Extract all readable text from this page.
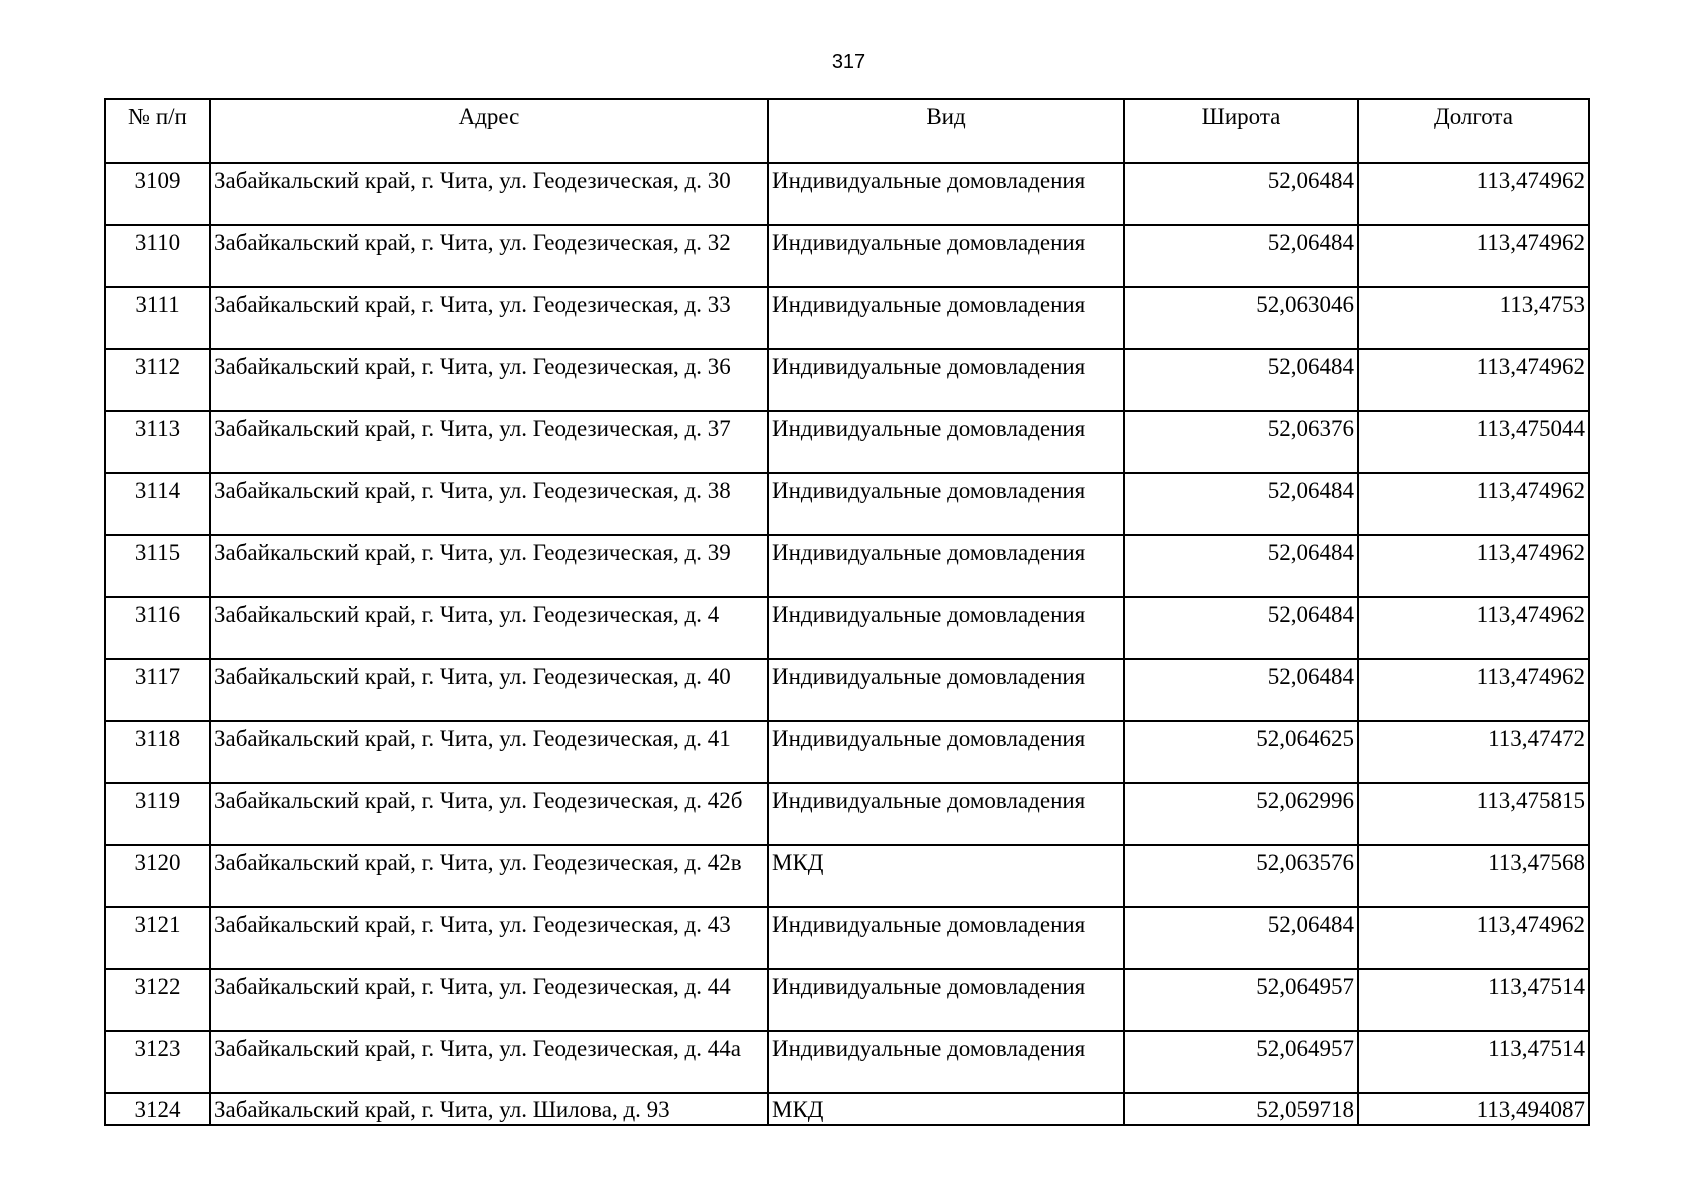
317
№ п/п	Адрес	Вид	Широта	Долгота
3109	Забайкальский край, г. Чита, ул. Геодезическая, д. 30	Индивидуальные домовладения	52,06484	113,474962
3110	Забайкальский край, г. Чита, ул. Геодезическая, д. 32	Индивидуальные домовладения	52,06484	113,474962
3111	Забайкальский край, г. Чита, ул. Геодезическая, д. 33	Индивидуальные домовладения	52,063046	113,4753
3112	Забайкальский край, г. Чита, ул. Геодезическая, д. 36	Индивидуальные домовладения	52,06484	113,474962
3113	Забайкальский край, г. Чита, ул. Геодезическая, д. 37	Индивидуальные домовладения	52,06376	113,475044
3114	Забайкальский край, г. Чита, ул. Геодезическая, д. 38	Индивидуальные домовладения	52,06484	113,474962
3115	Забайкальский край, г. Чита, ул. Геодезическая, д. 39	Индивидуальные домовладения	52,06484	113,474962
3116	Забайкальский край, г. Чита, ул. Геодезическая, д. 4	Индивидуальные домовладения	52,06484	113,474962
3117	Забайкальский край, г. Чита, ул. Геодезическая, д. 40	Индивидуальные домовладения	52,06484	113,474962
3118	Забайкальский край, г. Чита, ул. Геодезическая, д. 41	Индивидуальные домовладения	52,064625	113,47472
3119	Забайкальский край, г. Чита, ул. Геодезическая, д. 42б	Индивидуальные домовладения	52,062996	113,475815
3120	Забайкальский край, г. Чита, ул. Геодезическая, д. 42в	МКД	52,063576	113,47568
3121	Забайкальский край, г. Чита, ул. Геодезическая, д. 43	Индивидуальные домовладения	52,06484	113,474962
3122	Забайкальский край, г. Чита, ул. Геодезическая, д. 44	Индивидуальные домовладения	52,064957	113,47514
3123	Забайкальский край, г. Чита, ул. Геодезическая, д. 44а	Индивидуальные домовладения	52,064957	113,47514
3124	Забайкальский край, г. Чита, ул. Шилова, д. 93	МКД	52,059718	113,494087
